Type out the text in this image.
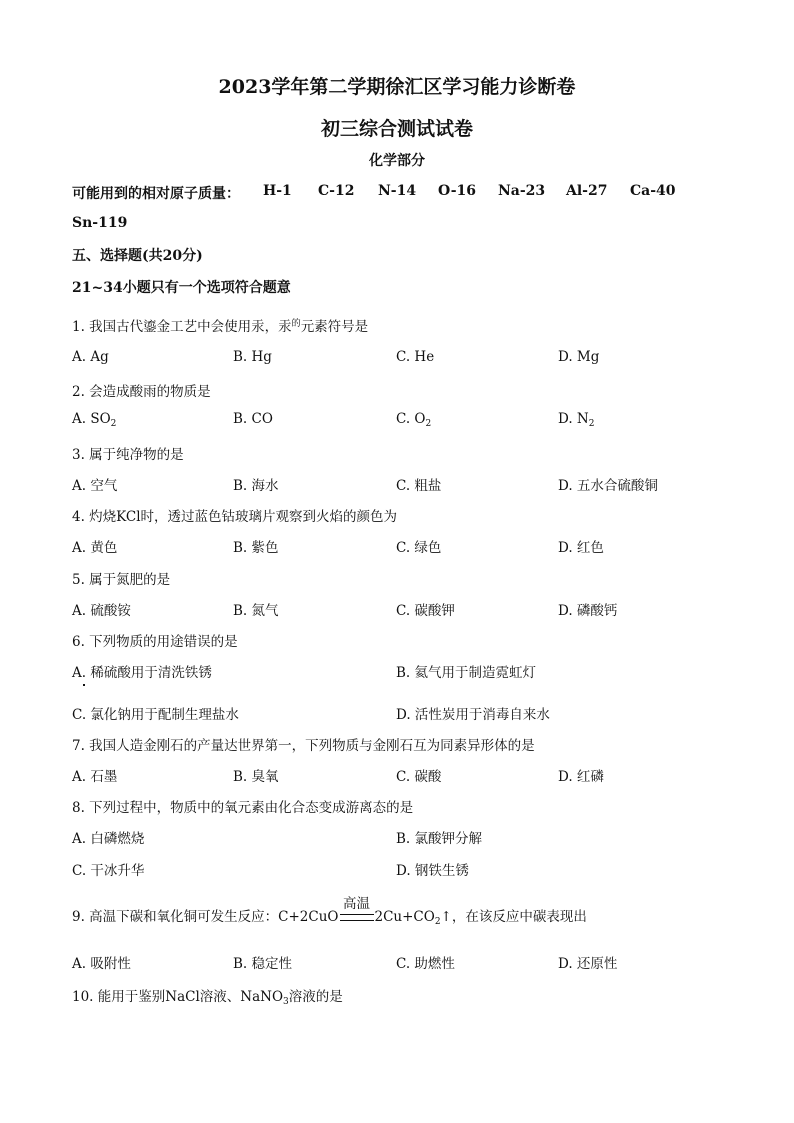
2023学年第二学期徐汇区学习能力诊断卷
初三综合测试试卷
化学部分
可能用到的相对原子质量： H-1 C-12 N-14 O-16 Na-23 Al-27 Ca-40
Sn-119
五、选择题(共20分)
21~34小题只有一个选项符合题意
1. 我国古代鎏金工艺中会使用汞，汞$^的$元素符号是
A. Ag	B. Hg	C. He	D. Mg
2. 会造成酸雨的物质是
A. $SO_2$	B. CO	C. $O_2$	D. $N_2$
3. 属于纯净物的是
A. 空气	B. 海水	C. 粗盐	D. 五水合硫酸铜
4. 灼烧KCl时，透过蓝色钴玻璃片观察到火焰的颜色为
A. 黄色	B. 紫色	C. 绿色	D. 红色
5. 属于氮肥的是
A. 硫酸铵	B. 氮气	C. 碳酸钾	D. 磷酸钙
6. 下列物质的用途错误的是
A. 稀硫酸用于清洗铁锈	B. 氦气用于制造霓虹灯
C. 氯化钠用于配制生理盐水	D. 活性炭用于消毒自来水
7. 我国人造金刚石的产量达世界第一，下列物质与金刚石互为同素异形体的是
A. 石墨	B. 臭氧	C. 碳酸	D. 红磷
8. 下列过程中，物质中的氧元素由化合态变成游离态的是
A. 白磷燃烧	B. 氯酸钾分解
C. 干冰升华	D. 钢铁生锈
9. 高温下碳和氧化铜可发生反应：C+2CuO
高温
$2Cu+CO_2↑$，在该反应中碳表现出
A. 吸附性	B. 稳定性	C. 助燃性	D. 还原性
10. 能用于鉴别NaCl溶液、NaNO$_3$溶液的是
